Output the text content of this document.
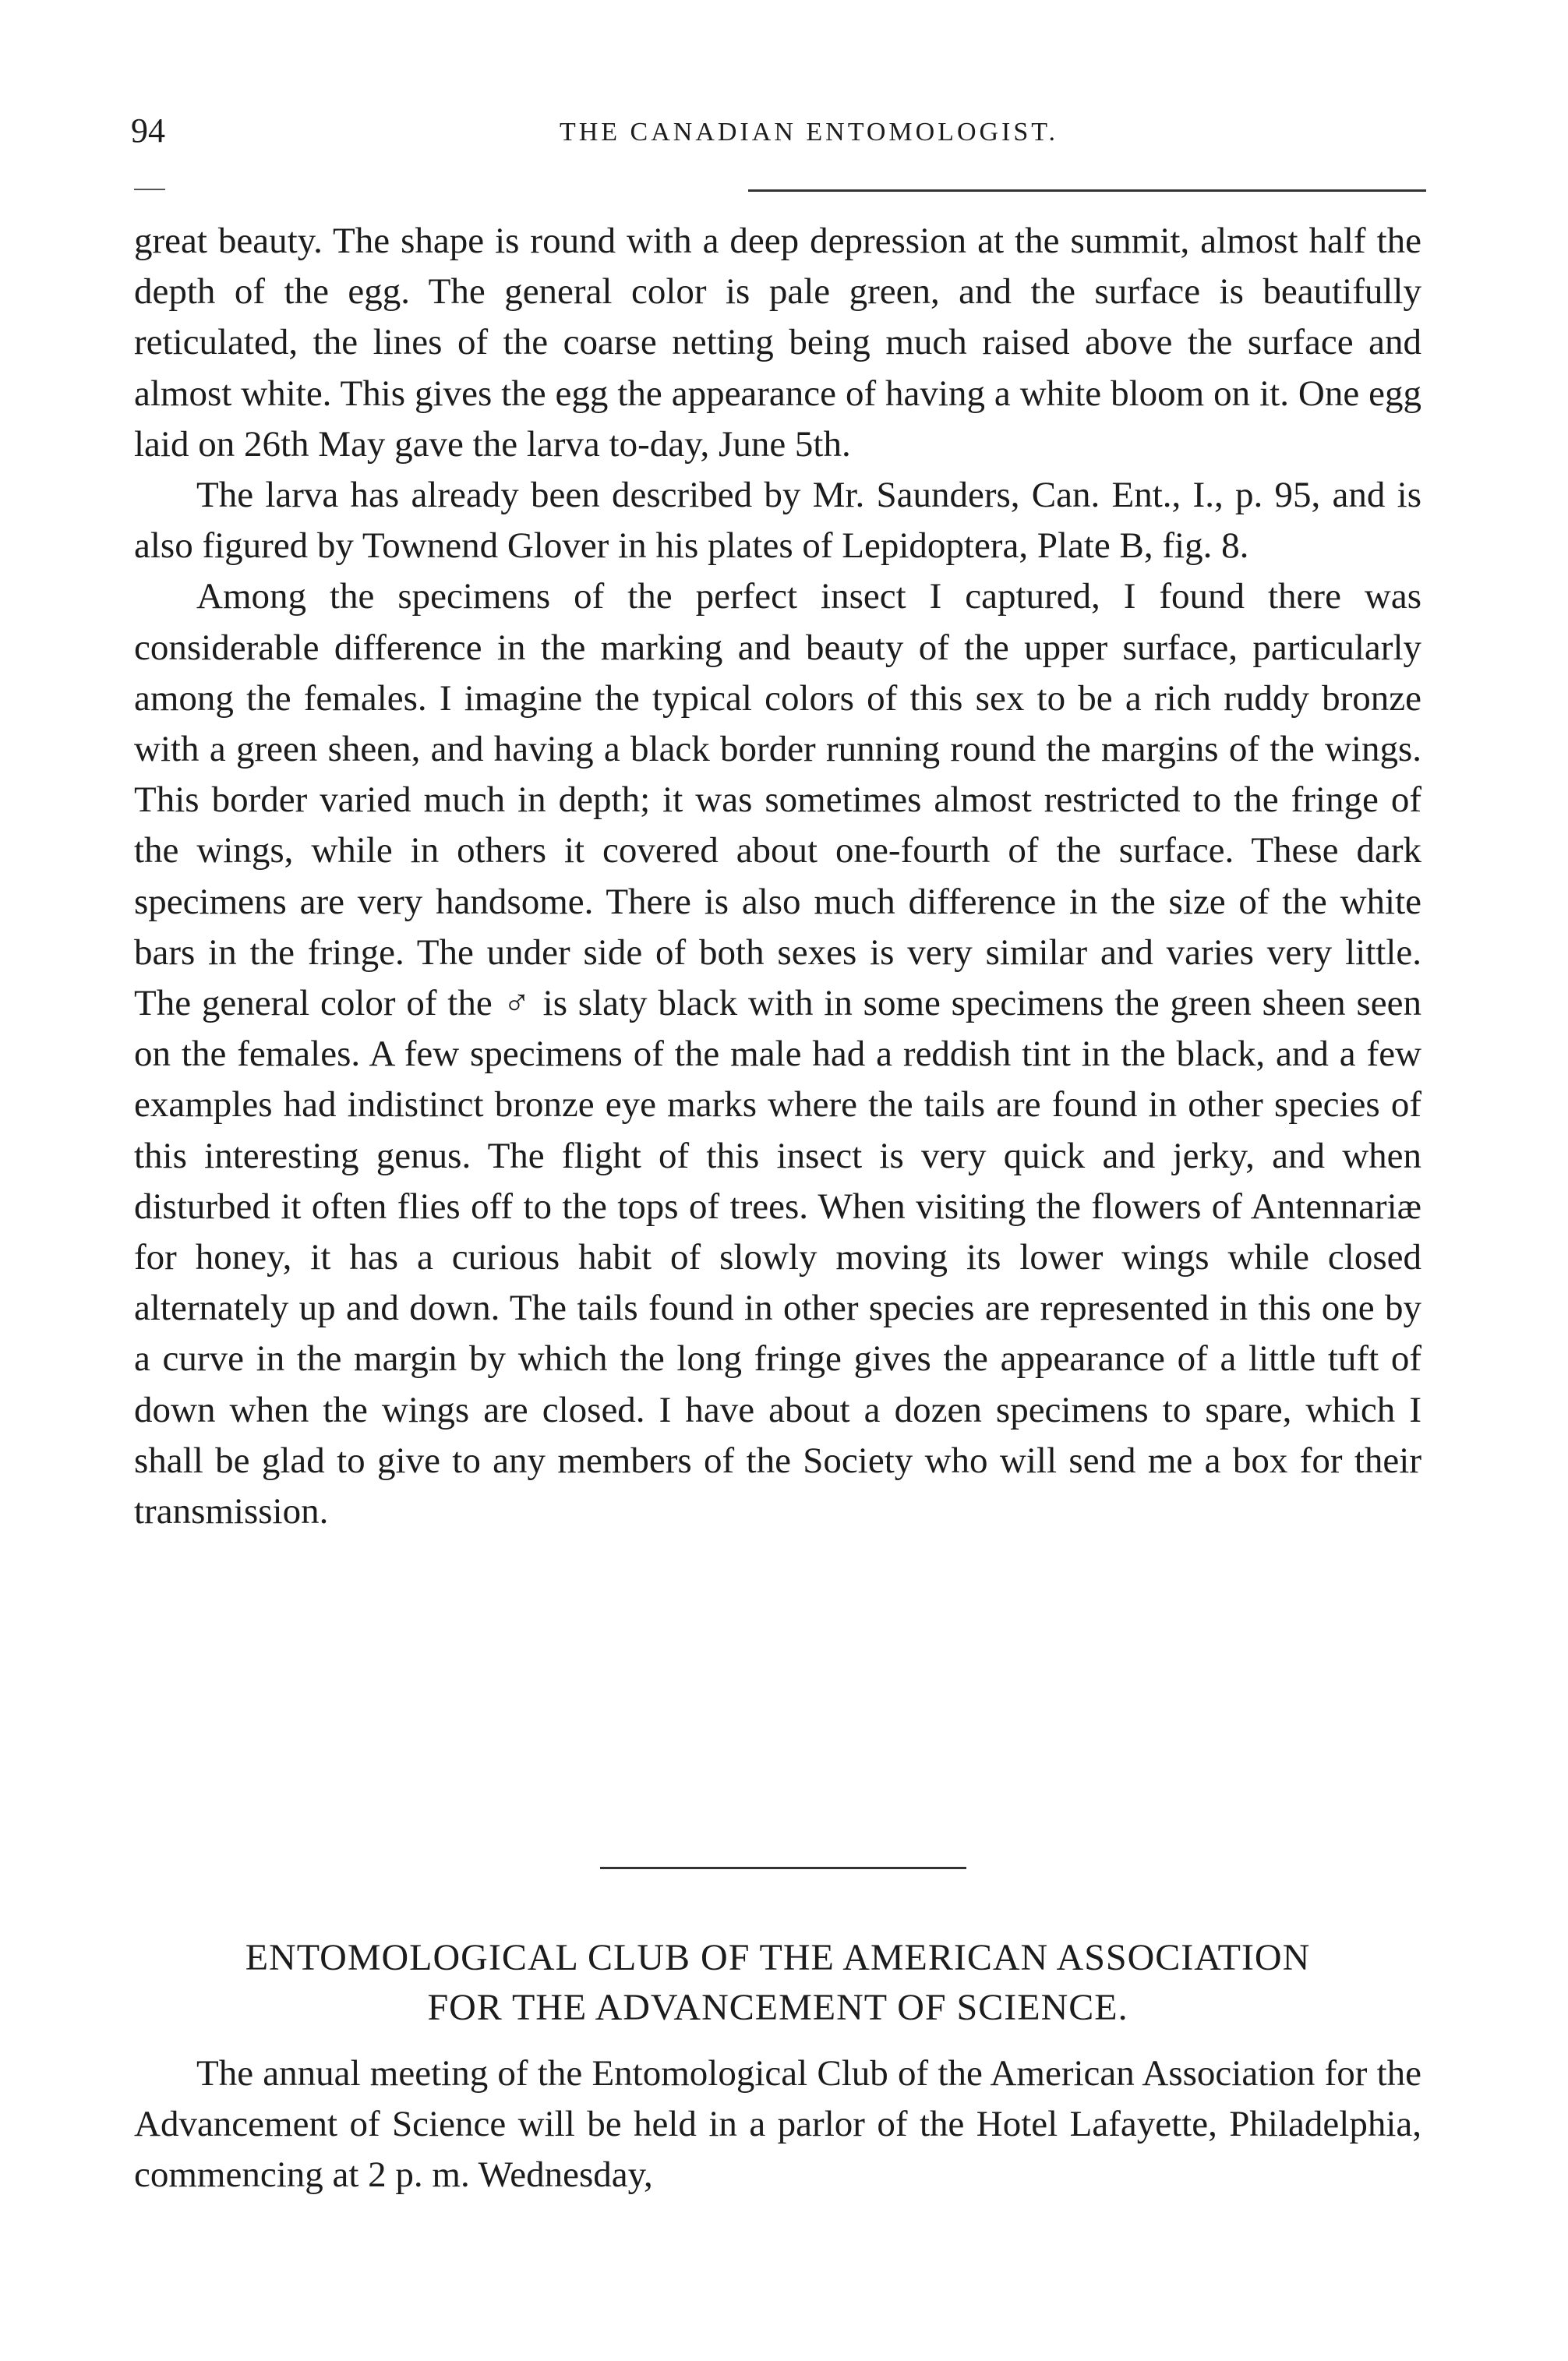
94	THE CANADIAN ENTOMOLOGIST.

great beauty. The shape is round with a deep depression at the summit, almost half the depth of the egg. The general color is pale green, and the surface is beautifully reticulated, the lines of the coarse netting being much raised above the surface and almost white. This gives the egg the appearance of having a white bloom on it. One egg laid on 26th May gave the larva to-day, June 5th.

The larva has already been described by Mr. Saunders, Can. Ent., I., p. 95, and is also figured by Townend Glover in his plates of Lepidoptera, Plate B, fig. 8.

Among the specimens of the perfect insect I captured, I found there was considerable difference in the marking and beauty of the upper surface, particularly among the females. I imagine the typical colors of this sex to be a rich ruddy bronze with a green sheen, and having a black border running round the margins of the wings. This border varied much in depth; it was sometimes almost restricted to the fringe of the wings, while in others it covered about one-fourth of the surface. These dark specimens are very handsome. There is also much difference in the size of the white bars in the fringe. The under side of both sexes is very similar and varies very little. The general color of the ♂ is slaty black with in some specimens the green sheen seen on the females. A few specimens of the male had a reddish tint in the black, and a few examples had indistinct bronze eye marks where the tails are found in other species of this interesting genus. The flight of this insect is very quick and jerky, and when disturbed it often flies off to the tops of trees. When visiting the flowers of Antennariæ for honey, it has a curious habit of slowly moving its lower wings while closed alternately up and down. The tails found in other species are represented in this one by a curve in the margin by which the long fringe gives the appearance of a little tuft of down when the wings are closed. I have about a dozen specimens to spare, which I shall be glad to give to any members of the Society who will send me a box for their transmission.

ENTOMOLOGICAL CLUB OF THE AMERICAN ASSOCIATION
FOR THE ADVANCEMENT OF SCIENCE.

The annual meeting of the Entomological Club of the American Association for the Advancement of Science will be held in a parlor of the Hotel Lafayette, Philadelphia, commencing at 2 p. m. Wednesday,
